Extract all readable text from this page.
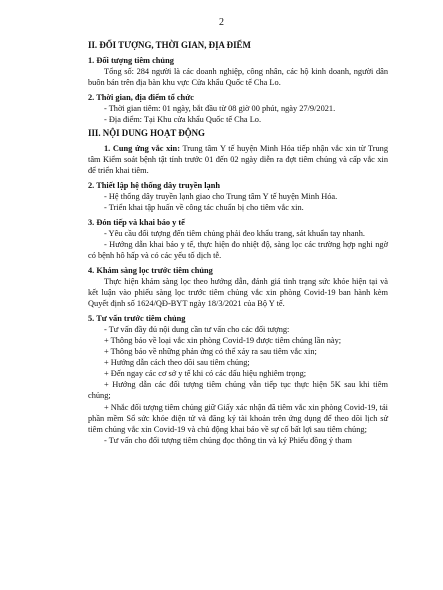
2

II. ĐỐI TƯỢNG, THỜI GIAN, ĐỊA ĐIỂM

1. Đối tượng tiêm chủng

Tổng số: 284 người là các doanh nghiệp, công nhân, các hộ kinh doanh, người dân buôn bán trên địa bàn khu vực Cửa khẩu Quốc tế Cha Lo.

2. Thời gian, địa điểm tổ chức

- Thời gian tiêm: 01 ngày, bắt đầu từ 08 giờ 00 phút, ngày 27/9/2021.

- Địa điểm: Tại Khu cửa khẩu Quốc tế Cha Lo.

III. NỘI DUNG HOẠT ĐỘNG

1. Cung ứng vắc xin: Trung tâm Y tế huyện Minh Hóa tiếp nhận vắc xin từ Trung tâm Kiểm soát bệnh tật tỉnh trước 01 đến 02 ngày diễn ra đợt tiêm chủng và cấp vắc xin để triển khai tiêm.

2. Thiết lập hệ thống dây truyền lạnh

- Hệ thống dây truyền lạnh giao cho Trung tâm Y tế huyện Minh Hóa.

- Triển khai tập huấn về công tác chuẩn bị cho tiêm vắc xin.

3. Đón tiếp và khai báo y tế

- Yêu cầu đối tượng đến tiêm chủng phải đeo khẩu trang, sát khuẩn tay nhanh.

- Hướng dẫn khai báo y tế, thực hiện đo nhiệt độ, sàng lọc các trường hợp nghi ngờ có bệnh hô hấp và có các yếu tố dịch tễ.

4. Khám sàng lọc trước tiêm chủng

Thực hiện khám sàng lọc theo hướng dẫn, đánh giá tình trạng sức khỏe hiện tại và kết luận vào phiếu sàng lọc trước tiêm chủng vắc xin phòng Covid-19 ban hành kèm Quyết định số 1624/QĐ-BYT ngày 18/3/2021 của Bộ Y tế.

5. Tư vấn trước tiêm chủng

- Tư vấn đầy đủ nội dung cần tư vấn cho các đối tượng:

+ Thông báo về loại vắc xin phòng Covid-19 được tiêm chủng lần này;

+ Thông báo về những phản ứng có thể xảy ra sau tiêm vắc xin;

+ Hướng dẫn cách theo dõi sau tiêm chủng;

+ Đến ngay các cơ sở y tế khi có các dấu hiệu nghiêm trọng;

+ Hướng dẫn các đối tượng tiêm chủng vẫn tiếp tục thực hiện 5K sau khi tiêm chủng;

+ Nhắc đối tượng tiêm chủng giữ Giấy xác nhận đã tiêm vắc xin phòng Covid-19, tải phần mềm Sổ sức khỏe điện tử và đăng ký tài khoản trên ứng dụng để theo dõi lịch sử tiêm chủng vắc xin Covid-19 và chủ động khai báo về sự cố bất lợi sau tiêm chủng;

- Tư vấn cho đối tượng tiêm chủng đọc thông tin và ký Phiếu đồng ý tham
